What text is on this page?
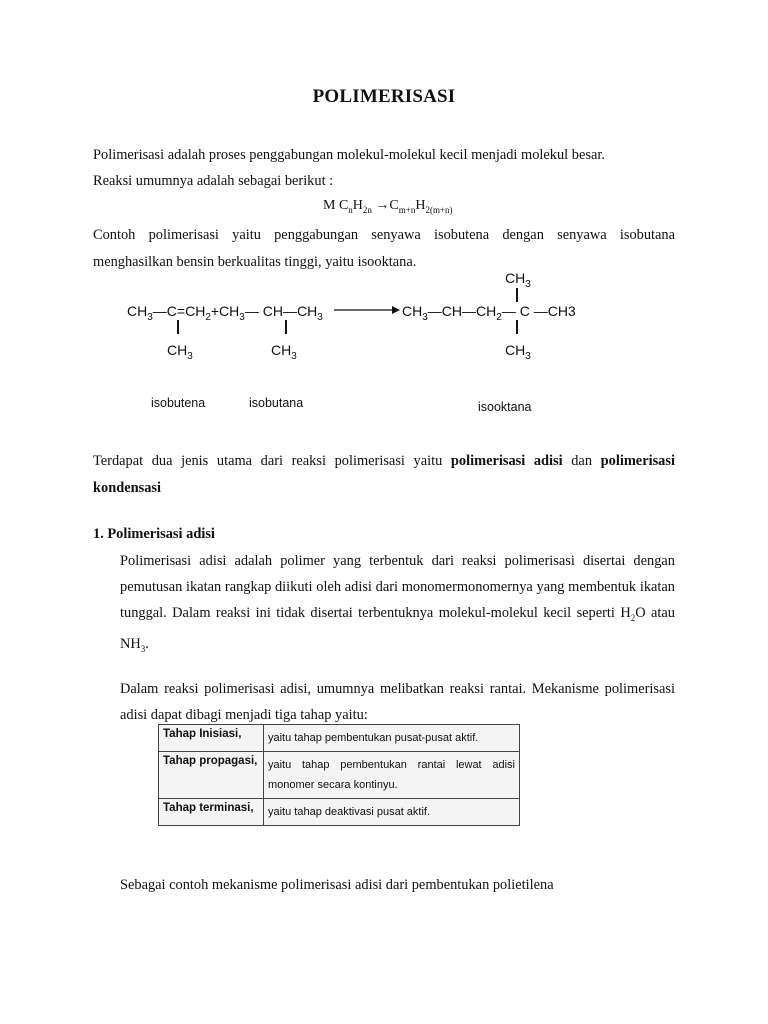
POLIMERISASI
Polimerisasi adalah proses penggabungan molekul-molekul kecil menjadi molekul besar.
Reaksi umumnya adalah sebagai berikut :
M $C_nH_{2n} \to C_{m+n}H_{2(m+n)}$
Contoh polimerisasi yaitu penggabungan senyawa isobutena dengan senyawa isobutana menghasilkan bensin berkualitas tinggi, yaitu isooktana.
$CH_3$
$CH_3—C=CH_2+CH_3—$ $CH—CH_3$	$CH_3—CH—CH_2—$ C —CH3
$CH_3$	$CH_3$	$CH_3$
isobutena	isobutana	isooktana
Terdapat dua jenis utama dari reaksi polimerisasi yaitu polimerisasi adisi dan polimerisasi kondensasi
1. Polimerisasi adisi
Polimerisasi adisi adalah polimer yang terbentuk dari reaksi polimerisasi disertai dengan pemutusan ikatan rangkap diikuti oleh adisi dari monomermonomernya yang membentuk ikatan tunggal. Dalam reaksi ini tidak disertai terbentuknya molekul-molekul kecil seperti $H_2O$ atau $NH_3$.
Dalam reaksi polimerisasi adisi, umumnya melibatkan reaksi rantai. Mekanisme polimerisasi adisi dapat dibagi menjadi tiga tahap yaitu:
Tahap Inisiasi,	yaitu tahap pembentukan pusat-pusat aktif.
Tahap propagasi,	yaitu tahap pembentukan rantai lewat adisi monomer secara kontinyu.
Tahap terminasi,	yaitu tahap deaktivasi pusat aktif.
Sebagai contoh mekanisme polimerisasi adisi dari pembentukan polietilena
